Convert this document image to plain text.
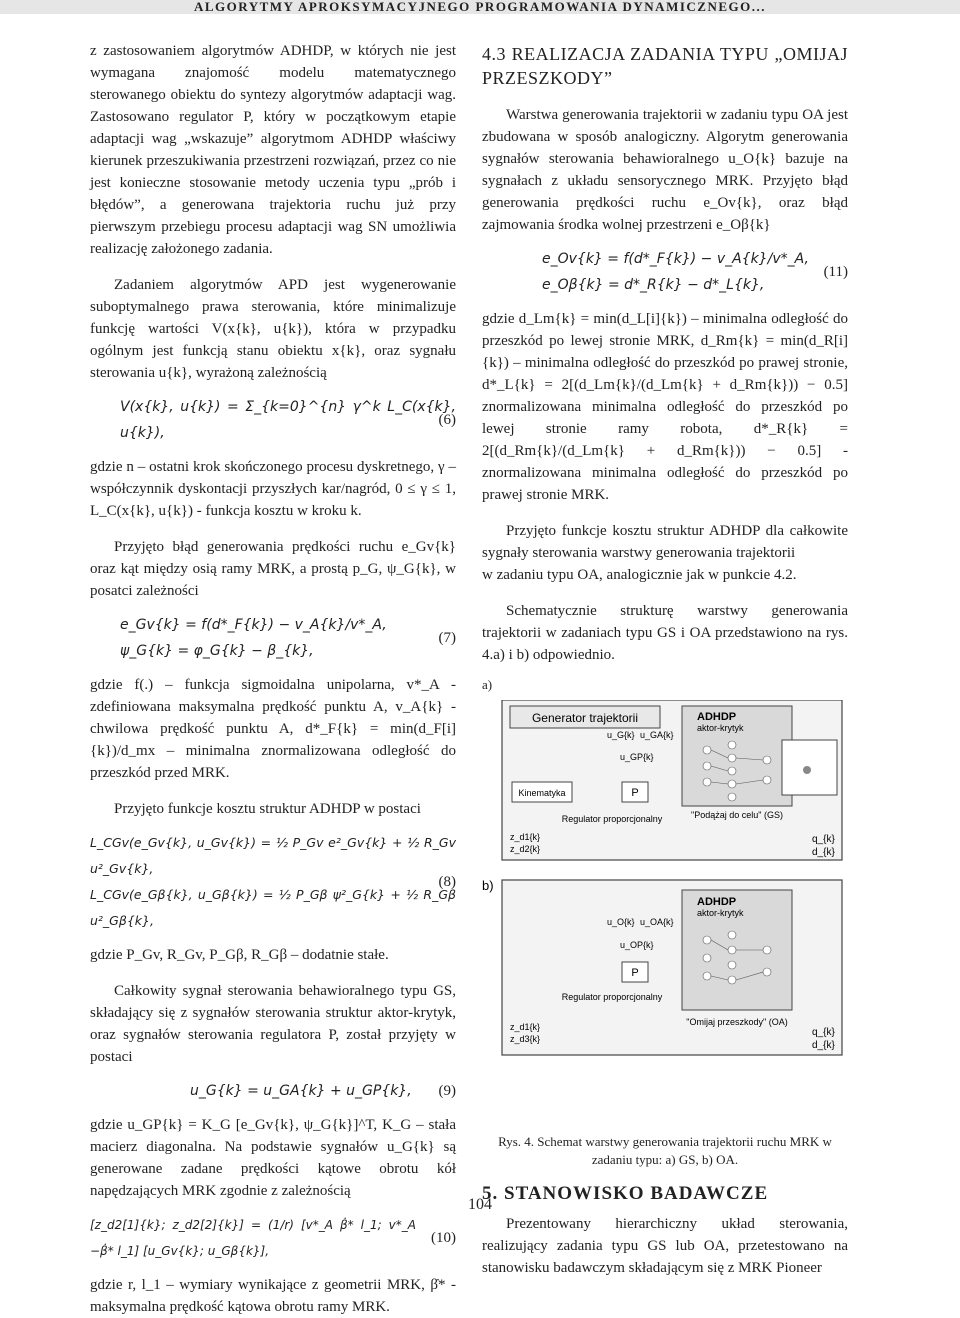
ALGORYTMY APROKSYMACYJNEGO PROGRAMOWANIA DYNAMICZNEGO...

z zastosowaniem algorytmów ADHDP, w których nie jest wymagana znajomość modelu matematycznego sterowanego obiektu do syntezy algorytmów adaptacji wag. Zastosowano regulator P, który w początkowym etapie adaptacji wag „wskazuje” algorytmom ADHDP właściwy kierunek przeszukiwania przestrzeni rozwiązań, przez co nie jest konieczne stosowanie metody uczenia typu „prób i błędów”, a generowana trajektoria ruchu już przy pierwszym przebiegu procesu adaptacji wag SN umożliwia realizację założonego zadania.

Zadaniem algorytmów APD jest wygenerowanie suboptymalnego prawa sterowania, które minimalizuje funkcję wartości V(x{k}, u{k}), która w przypadku ogólnym jest funkcją stanu obiektu x{k}, oraz sygnału sterowania u{k}, wyrażoną zależnością

V(x{k}, u{k}) = Σ_{k=0}^{n} γ^k L_C(x{k}, u{k}),
(6)

gdzie n – ostatni krok skończonego procesu dyskretnego, γ – współczynnik dyskontacji przyszłych kar/nagród, 0 ≤ γ ≤ 1, L_C(x{k}, u{k}) - funkcja kosztu w kroku k.

Przyjęto błąd generowania prędkości ruchu e_Gv{k} oraz kąt między osią ramy MRK, a prostą p_G, ψ_G{k}, w posatci zależności

e_Gv{k} = f(d*_F{k}) − v_A{k}/v*_A,
ψ_G{k} = φ_G{k} − β_{k},
(7)

gdzie f(.) – funkcja sigmoidalna unipolarna, v*_A - zdefiniowana maksymalna prędkość punktu A, v_A{k} - chwilowa prędkość punktu A, d*_F{k} = min(d_F[i]{k})/d_mx – minimalna znormalizowana odległość do przeszkód przed MRK.

Przyjęto funkcje kosztu struktur ADHDP w postaci

L_CGv(e_Gv{k}, u_Gv{k}) = ½ P_Gv e²_Gv{k} + ½ R_Gv u²_Gv{k},
L_CGv(e_Gβ{k}, u_Gβ{k}) = ½ P_Gβ ψ²_G{k} + ½ R_Gβ u²_Gβ{k},
(8)

gdzie P_Gv, R_Gv, P_Gβ, R_Gβ – dodatnie stałe.

Całkowity sygnał sterowania behawioralnego typu GS, składający się z sygnałów sterowania struktur aktor-krytyk, oraz sygnałów sterowania regulatora P, został przyjęty w postaci

u_G{k} = u_GA{k} + u_GP{k}, (9)

gdzie u_GP{k} = K_G [e_Gv{k}, ψ_G{k}]^T, K_G – stała macierz diagonalna. Na podstawie sygnałów u_G{k} są generowane zadane prędkości kątowe obrotu kół napędzających MRK zgodnie z zależnością

[z_d2[1]{k}; z_d2[2]{k}] = (1/r) [v*_A β̇* l_1; v*_A −β̇* l_1] [u_Gv{k}; u_Gβ{k}],
(10)

gdzie r, l_1 – wymiary wynikające z geometrii MRK, β̇* - maksymalna prędkość kątowa obrotu ramy MRK.

4.3 REALIZACJA ZADANIA TYPU „OMIJAJ PRZESZKODY”

Warstwa generowania trajektorii w zadaniu typu OA jest zbudowana w sposób analogiczny. Algorytm generowania sygnałów sterowania behawioralnego u_O{k} bazuje na sygnałach z układu sensorycznego MRK. Przyjęto błąd generowania prędkości ruchu e_Ov{k}, oraz błąd zajmowania środka wolnej przestrzeni e_Oβ{k}

e_Ov{k} = f(d*_F{k}) − v_A{k}/v*_A,
e_Oβ{k} = d*_R{k} − d*_L{k},
(11)

gdzie d_Lm{k} = min(d_L[i]{k}) – minimalna odległość do przeszkód po lewej stronie MRK, d_Rm{k} = min(d_R[i]{k}) – minimalna odległość do przeszkód po prawej stronie, d*_L{k} = 2[(d_Lm{k}/(d_Lm{k} + d_Rm{k})) − 0.5] znormalizowana minimalna odległość do przeszkód po lewej stronie ramy robota, d*_R{k} = 2[(d_Rm{k}/(d_Lm{k} + d_Rm{k})) − 0.5] - znormalizowana minimalna odległość do przeszkód po prawej stronie MRK.

Przyjęto funkcje kosztu struktur ADHDP dla całkowite sygnały sterowania warstwy generowania trajektorii

w zadaniu typu OA, analogicznie jak w punkcie 4.2.

Schematycznie strukturę warstwy generowania trajektorii w zadaniach typu GS i OA przedstawiono na rys. 4.a) i b) odpowiednio.

a)
Generator trajektorii	ADHDP
aktor-krytyk
"Podążaj do celu" (GS)
Kinematyka	P
Regulator proporcjonalny
u_G{k} u_GA{k}
u_GP{k}
z_d1{k}
z_d2{k}
q_{k}
d_{k}
b)
ADHDP
aktor-krytyk
"Omijaj przeszkody" (OA)
P
Regulator proporcjonalny
u_O{k} u_OA{k}
u_OP{k}
z_d1{k}
z_d3{k}
q_{k}
d_{k}

Rys. 4. Schemat warstwy generowania trajektorii ruchu MRK w zadaniu typu: a) GS, b) OA.

5. STANOWISKO BADAWCZE

Prezentowany hierarchiczny układ sterowania, realizujący zadania typu GS lub OA, przetestowano na stanowisku badawczym składającym się z MRK Pioneer

104
